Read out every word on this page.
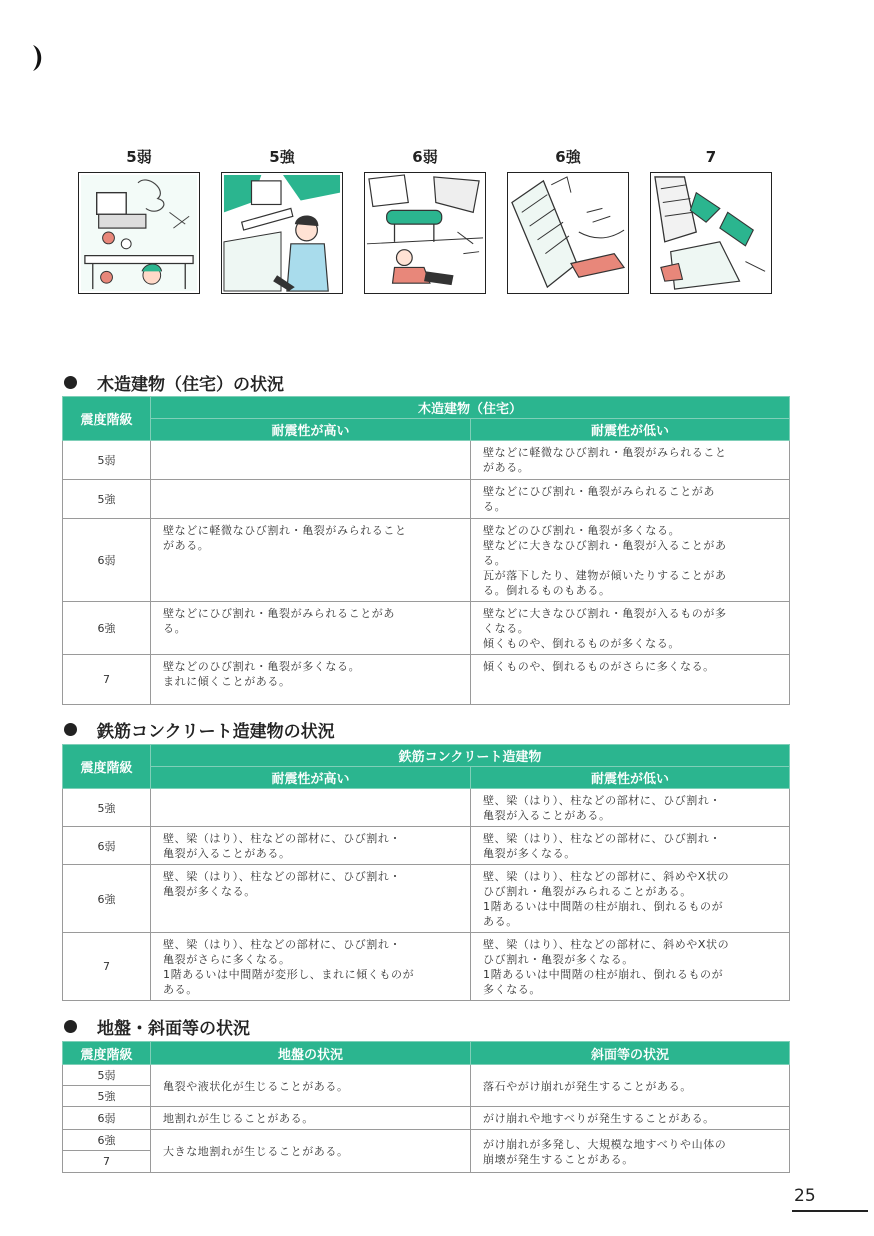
5弱	5強	6弱	6強	7
木造建物（住宅）の状況
震度階級	木造建物（住宅）	
	耐震性が高い	耐震性が低い
5弱		壁などに軽微なひび割れ・亀裂がみられること
がある。

5強		壁などにひび割れ・亀裂がみられることがあ
る。

6弱	壁などに軽微なひび割れ・亀裂がみられること
がある。	壁などのひび割れ・亀裂が多くなる。
壁などに大きなひび割れ・亀裂が入ることがあ
る。
瓦が落下したり、建物が傾いたりすることがあ
る。倒れるものもある。

6強	壁などにひび割れ・亀裂がみられることがあ
る。	壁などに大きなひび割れ・亀裂が入るものが多
くなる。
傾くものや、倒れるものが多くなる。

7	壁などのひび割れ・亀裂が多くなる。
まれに傾くことがある。	傾くものや、倒れるものがさらに多くなる。
鉄筋コンクリート造建物の状況
震度階級	鉄筋コンクリート造建物	
	耐震性が高い	耐震性が低い
5強		壁、梁（はり）、柱などの部材に、ひび割れ・
亀裂が入ることがある。

6弱	壁、梁（はり）、柱などの部材に、ひび割れ・
亀裂が入ることがある。	壁、梁（はり）、柱などの部材に、ひび割れ・
亀裂が多くなる。

6強	壁、梁（はり）、柱などの部材に、ひび割れ・
亀裂が多くなる。	壁、梁（はり）、柱などの部材に、斜めやX状の
ひび割れ・亀裂がみられることがある。
1階あるいは中間階の柱が崩れ、倒れるものが
ある。

7	壁、梁（はり）、柱などの部材に、ひび割れ・
亀裂がさらに多くなる。
1階あるいは中間階が変形し、まれに傾くものが
ある。	壁、梁（はり）、柱などの部材に、斜めやX状の
ひび割れ・亀裂が多くなる。
1階あるいは中間階の柱が崩れ、倒れるものが
多くなる。
地盤・斜面等の状況
震度階級	地盤の状況	斜面等の状況
5弱	亀裂や液状化が生じることがある。	落石やがけ崩れが発生することがある。
5強		
6弱	地割れが生じることがある。	がけ崩れや地すべりが発生することがある。
6強	大きな地割れが生じることがある。	がけ崩れが多発し、大規模な地すべりや山体の
崩壊が発生することがある。

7		
25
